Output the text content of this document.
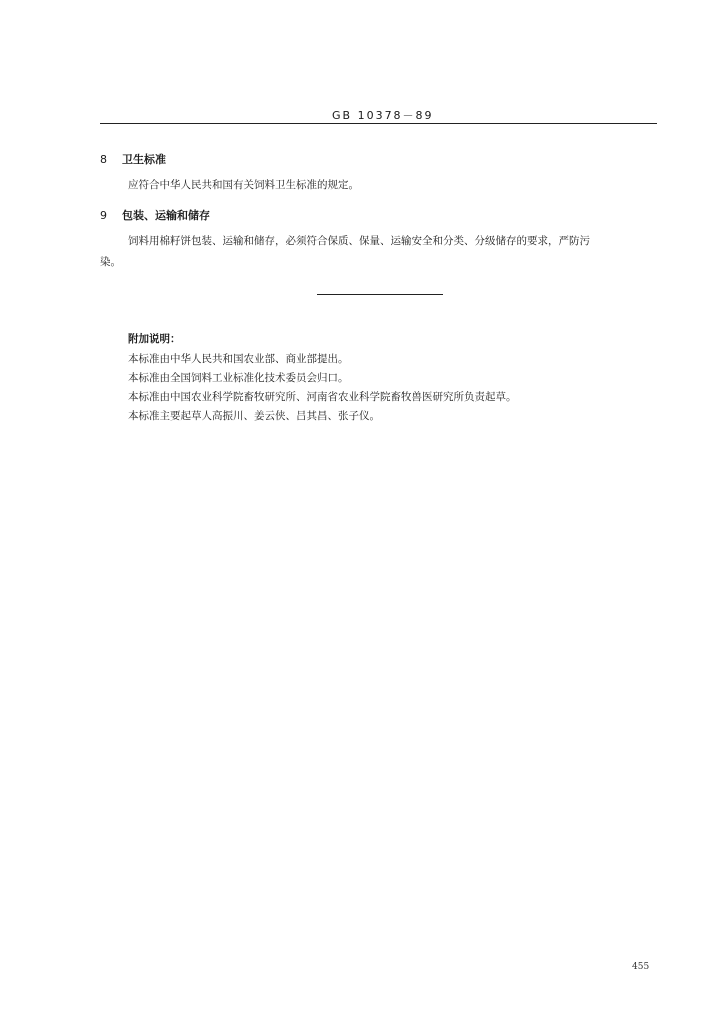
GB 10378－89
8 卫生标准
应符合中华人民共和国有关饲料卫生标准的规定。
9 包装、运输和储存
饲料用棉籽饼包装、运输和储存，必须符合保质、保量、运输安全和分类、分级储存的要求，严防污
染。
附加说明：
本标准由中华人民共和国农业部、商业部提出。
本标准由全国饲料工业标准化技术委员会归口。
本标准由中国农业科学院畜牧研究所、河南省农业科学院畜牧兽医研究所负责起草。
本标准主要起草人高振川、姜云侠、吕其昌、张子仪。
455
